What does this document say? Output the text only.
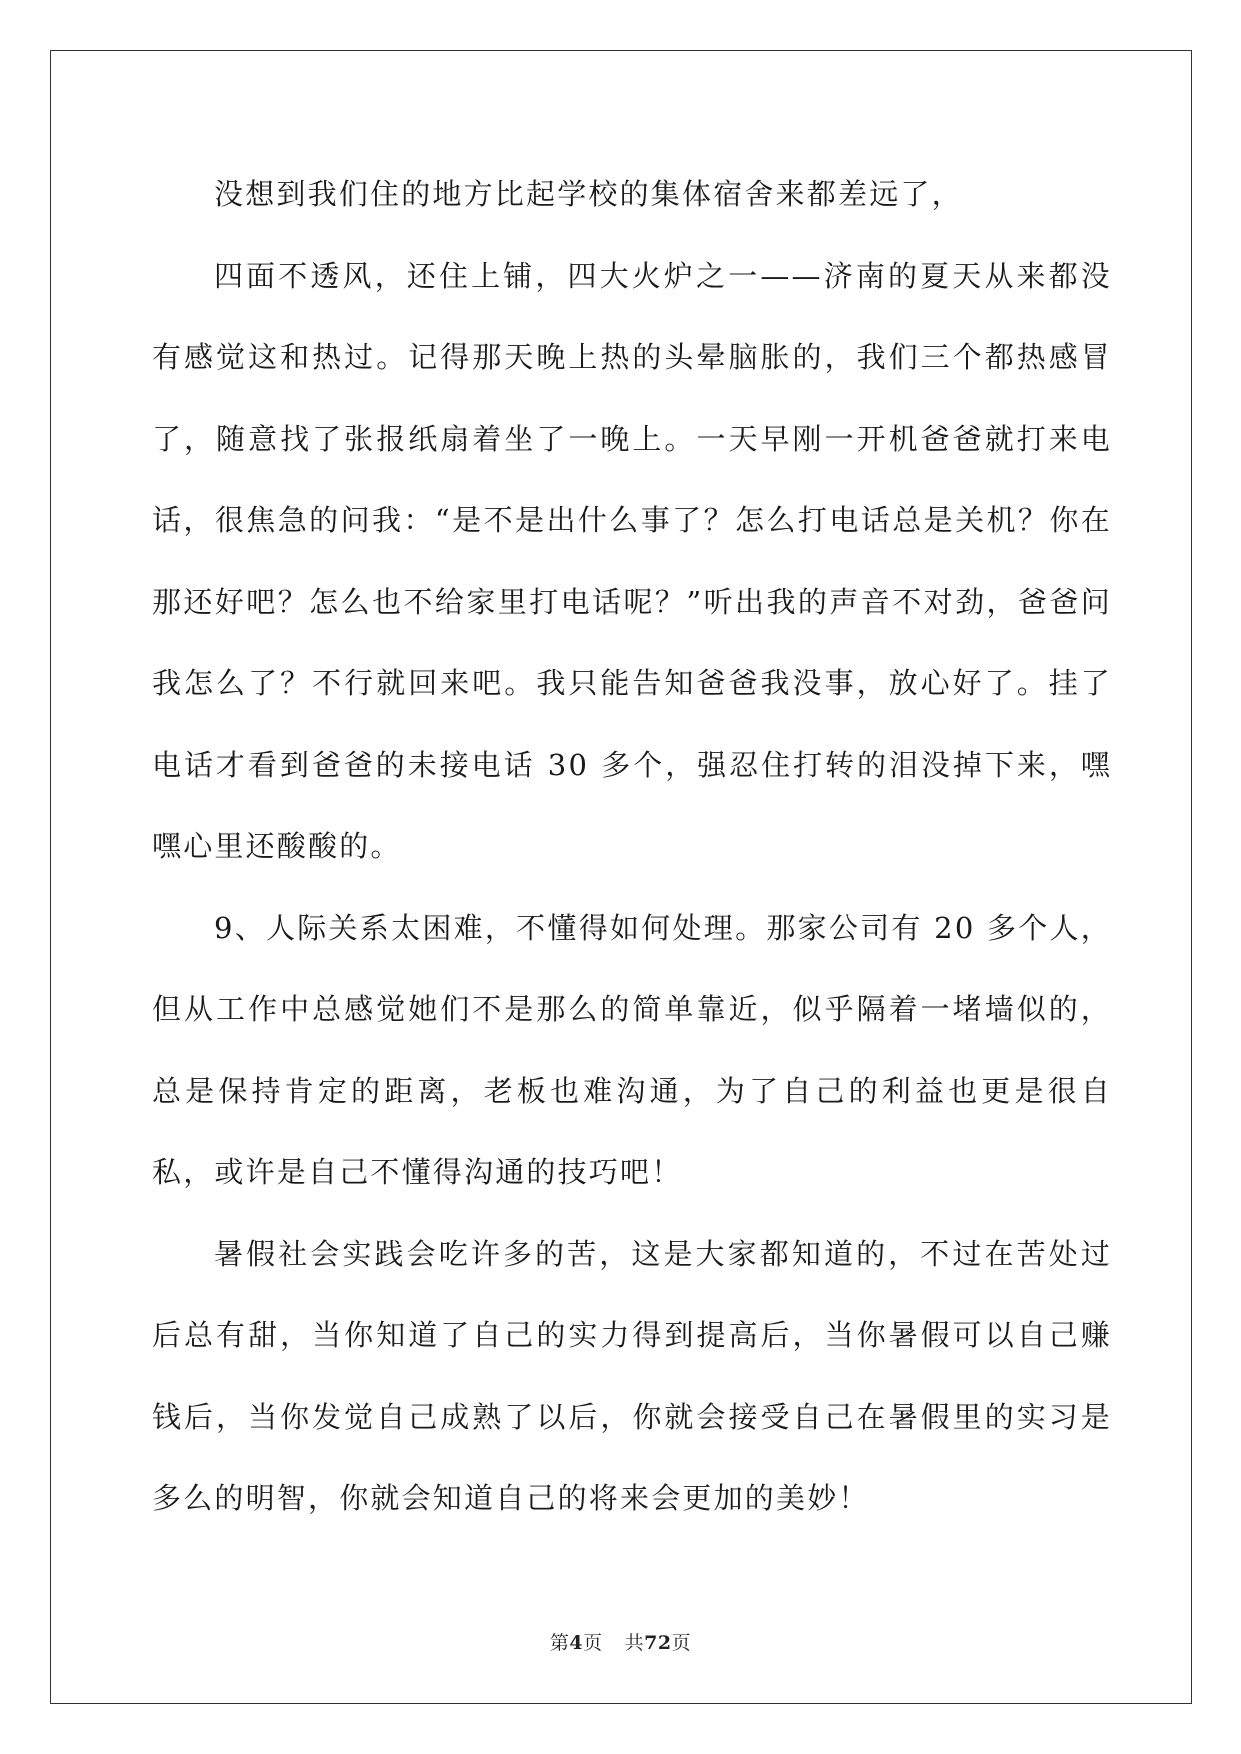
没想到我们住的地方比起学校的集体宿舍来都差远了，

四面不透风，还住上铺，四大火炉之一——济南的夏天从来都没有感觉这和热过。记得那天晚上热的头晕脑胀的，我们三个都热感冒了，随意找了张报纸扇着坐了一晚上。一天早刚一开机爸爸就打来电话，很焦急的问我：“是不是出什么事了？怎么打电话总是关机？你在那还好吧？怎么也不给家里打电话呢？”听出我的声音不对劲，爸爸问我怎么了？不行就回来吧。我只能告知爸爸我没事，放心好了。挂了电话才看到爸爸的未接电话 30 多个，强忍住打转的泪没掉下来，嘿嘿心里还酸酸的。

9、人际关系太困难，不懂得如何处理。那家公司有 20 多个人，但从工作中总感觉她们不是那么的简单靠近，似乎隔着一堵墙似的，总是保持肯定的距离，老板也难沟通，为了自己的利益也更是很自私，或许是自己不懂得沟通的技巧吧！

暑假社会实践会吃许多的苦，这是大家都知道的，不过在苦处过后总有甜，当你知道了自己的实力得到提高后，当你暑假可以自己赚钱后，当你发觉自己成熟了以后，你就会接受自己在暑假里的实习是多么的明智，你就会知道自己的将来会更加的美妙！

第4页 共72页
